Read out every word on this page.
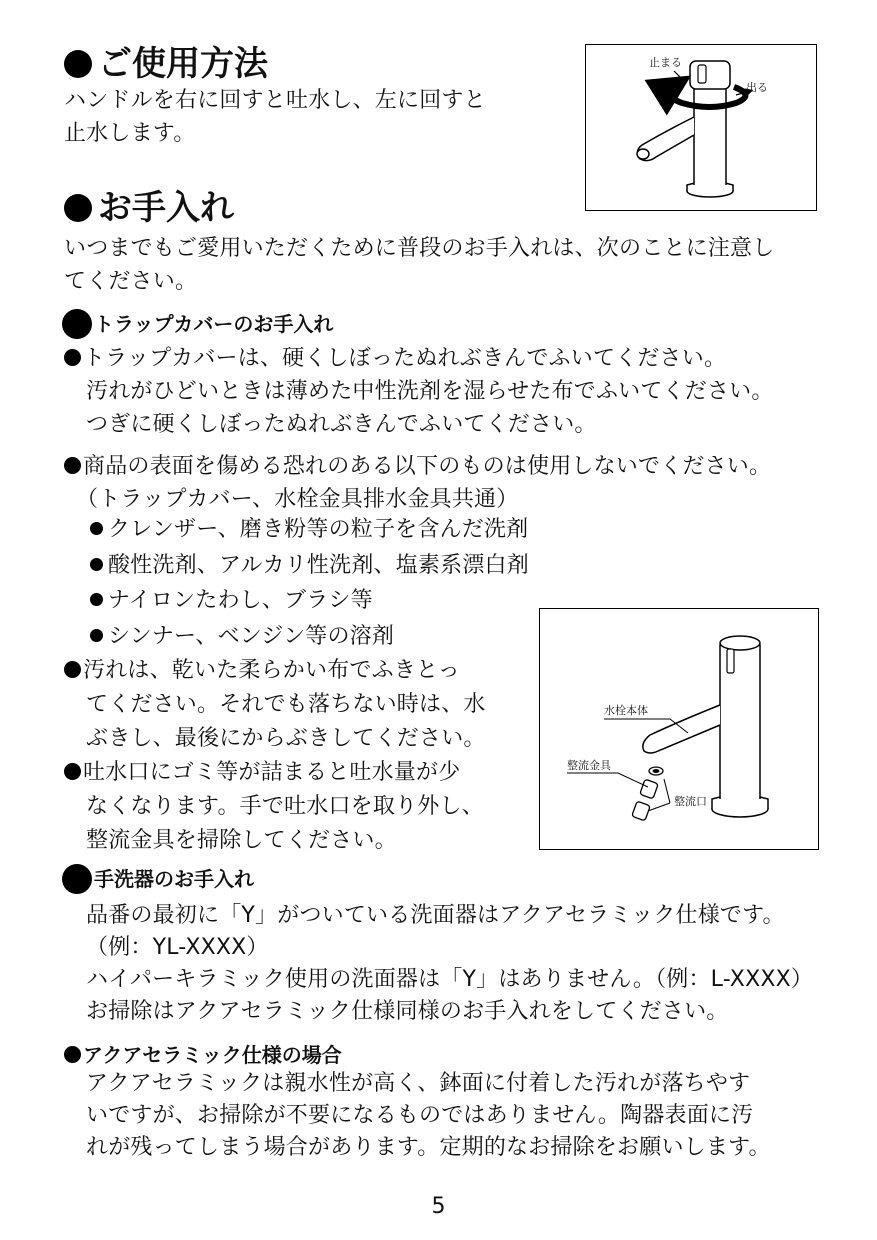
ご使用方法
ハンドルを右に回すと吐水し、左に回すと
止水します。
止まる
出る
お手入れ
いつまでもご愛用いただくために普段のお手入れは、次のことに注意し
てください。
トラップカバーのお手入れ
トラップカバーは、硬くしぼったぬれぶきんでふいてください。
汚れがひどいときは薄めた中性洗剤を湿らせた布でふいてください。
つぎに硬くしぼったぬれぶきんでふいてください。
商品の表面を傷める恐れのある以下のものは使用しないでください。
（トラップカバー、水栓金具排水金具共通）
クレンザー、磨き粉等の粒子を含んだ洗剤
酸性洗剤、アルカリ性洗剤、塩素系漂白剤
ナイロンたわし、ブラシ等
シンナー、ベンジン等の溶剤
汚れは、乾いた柔らかい布でふきとっ
てください。それでも落ちない時は、水
ぶきし、最後にからぶきしてください。
吐水口にゴミ等が詰まると吐水量が少
なくなります。手で吐水口を取り外し、
整流金具を掃除してください。
水栓本体
整流金具
整流口
手洗器のお手入れ
品番の最初に「Y」がついている洗面器はアクアセラミック仕様です。
（例：YL-XXXX）
ハイパーキラミック使用の洗面器は「Y」はありません。（例：L-XXXX）
お掃除はアクアセラミック仕様同様のお手入れをしてください。
アクアセラミック仕様の場合
アクアセラミックは親水性が高く、鉢面に付着した汚れが落ちやす
いですが、お掃除が不要になるものではありません。陶器表面に汚
れが残ってしまう場合があります。定期的なお掃除をお願いします。
5
